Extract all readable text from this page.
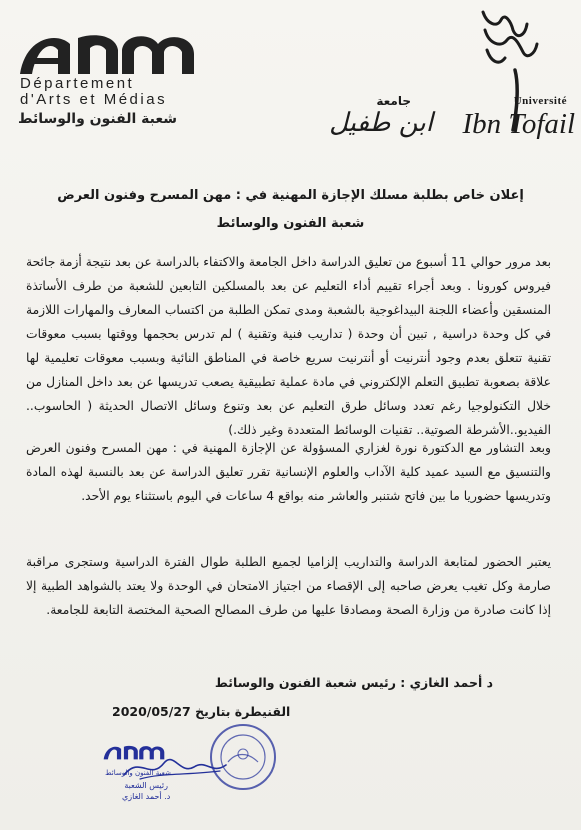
Département
d'Arts et Médias
شعبة الفنون والوسائط
جامعة	Université
ابن طفيل Ibn Tofail
إعلان خاص بطلبة مسلك الإجازة المهنية في : مهن المسرح وفنون العرض
شعبة الفنون والوسائط
بعد مرور حوالي 11 أسبوع من تعليق الدراسة داخل الجامعة والاكتفاء بالدراسة عن بعد نتيجة أزمة جائحة فيروس كورونا . وبعد أجراء تقييم أداء التعليم عن بعد بالمسلكين التابعين للشعبة من طرف الأساتذة المنسقين وأعضاء اللجنة البيداغوجية بالشعبة ومدى تمكن الطلبة من اكتساب المعارف والمهارات اللازمة في كل وحدة دراسية , تبين أن وحدة ( تداريب فنية وتقنية ) لم تدرس بحجمها ووقتها بسبب معوقات تقنية تتعلق بعدم وجود أنترنيت أو أنترنيت سريع خاصة في المناطق النائية وبسبب معوقات تعليمية لها علاقة بصعوبة تطبيق التعلم الإلكتروني في مادة عملية تطبيقية يصعب تدريسها عن بعد داخل المنازل من خلال التكنولوجيا رغم تعدد وسائل طرق التعليم عن بعد وتنوع وسائل الاتصال الحديثة ( الحاسوب.. الفيديو..الأشرطة الصوتية.. تقنيات الوسائط المتعددة وغير ذلك.)
وبعد التشاور مع الدكتورة نورة لغزاري المسؤولة عن الإجازة المهنية في : مهن المسرح وفنون العرض والتنسيق مع السيد عميد كلية الآداب والعلوم الإنسانية تقرر تعليق الدراسة عن بعد بالنسبة لهذه المادة وتدريسها حضوريا ما بين فاتح شتنبر والعاشر منه بواقع 4 ساعات في اليوم باستثناء يوم الأحد.
يعتبر الحضور لمتابعة الدراسة والتداريب إلزاميا لجميع الطلبة طوال الفترة الدراسية وستجرى مراقبة صارمة وكل تغيب يعرض صاحبه إلى الإقصاء من اجتياز الامتحان في الوحدة ولا يعتد بالشواهد الطبية إلا إذا كانت صادرة من وزارة الصحة ومصادقا عليها من طرف المصالح الصحية المختصة التابعة للجامعة.
د أحمد الغازي : رئيس شعبة الفنون والوسائط
القنيطرة بتاريخ 2020/05/27
شعبة الفنون والوسائط
رئيس الشعبة
د. أحمد الغازي
